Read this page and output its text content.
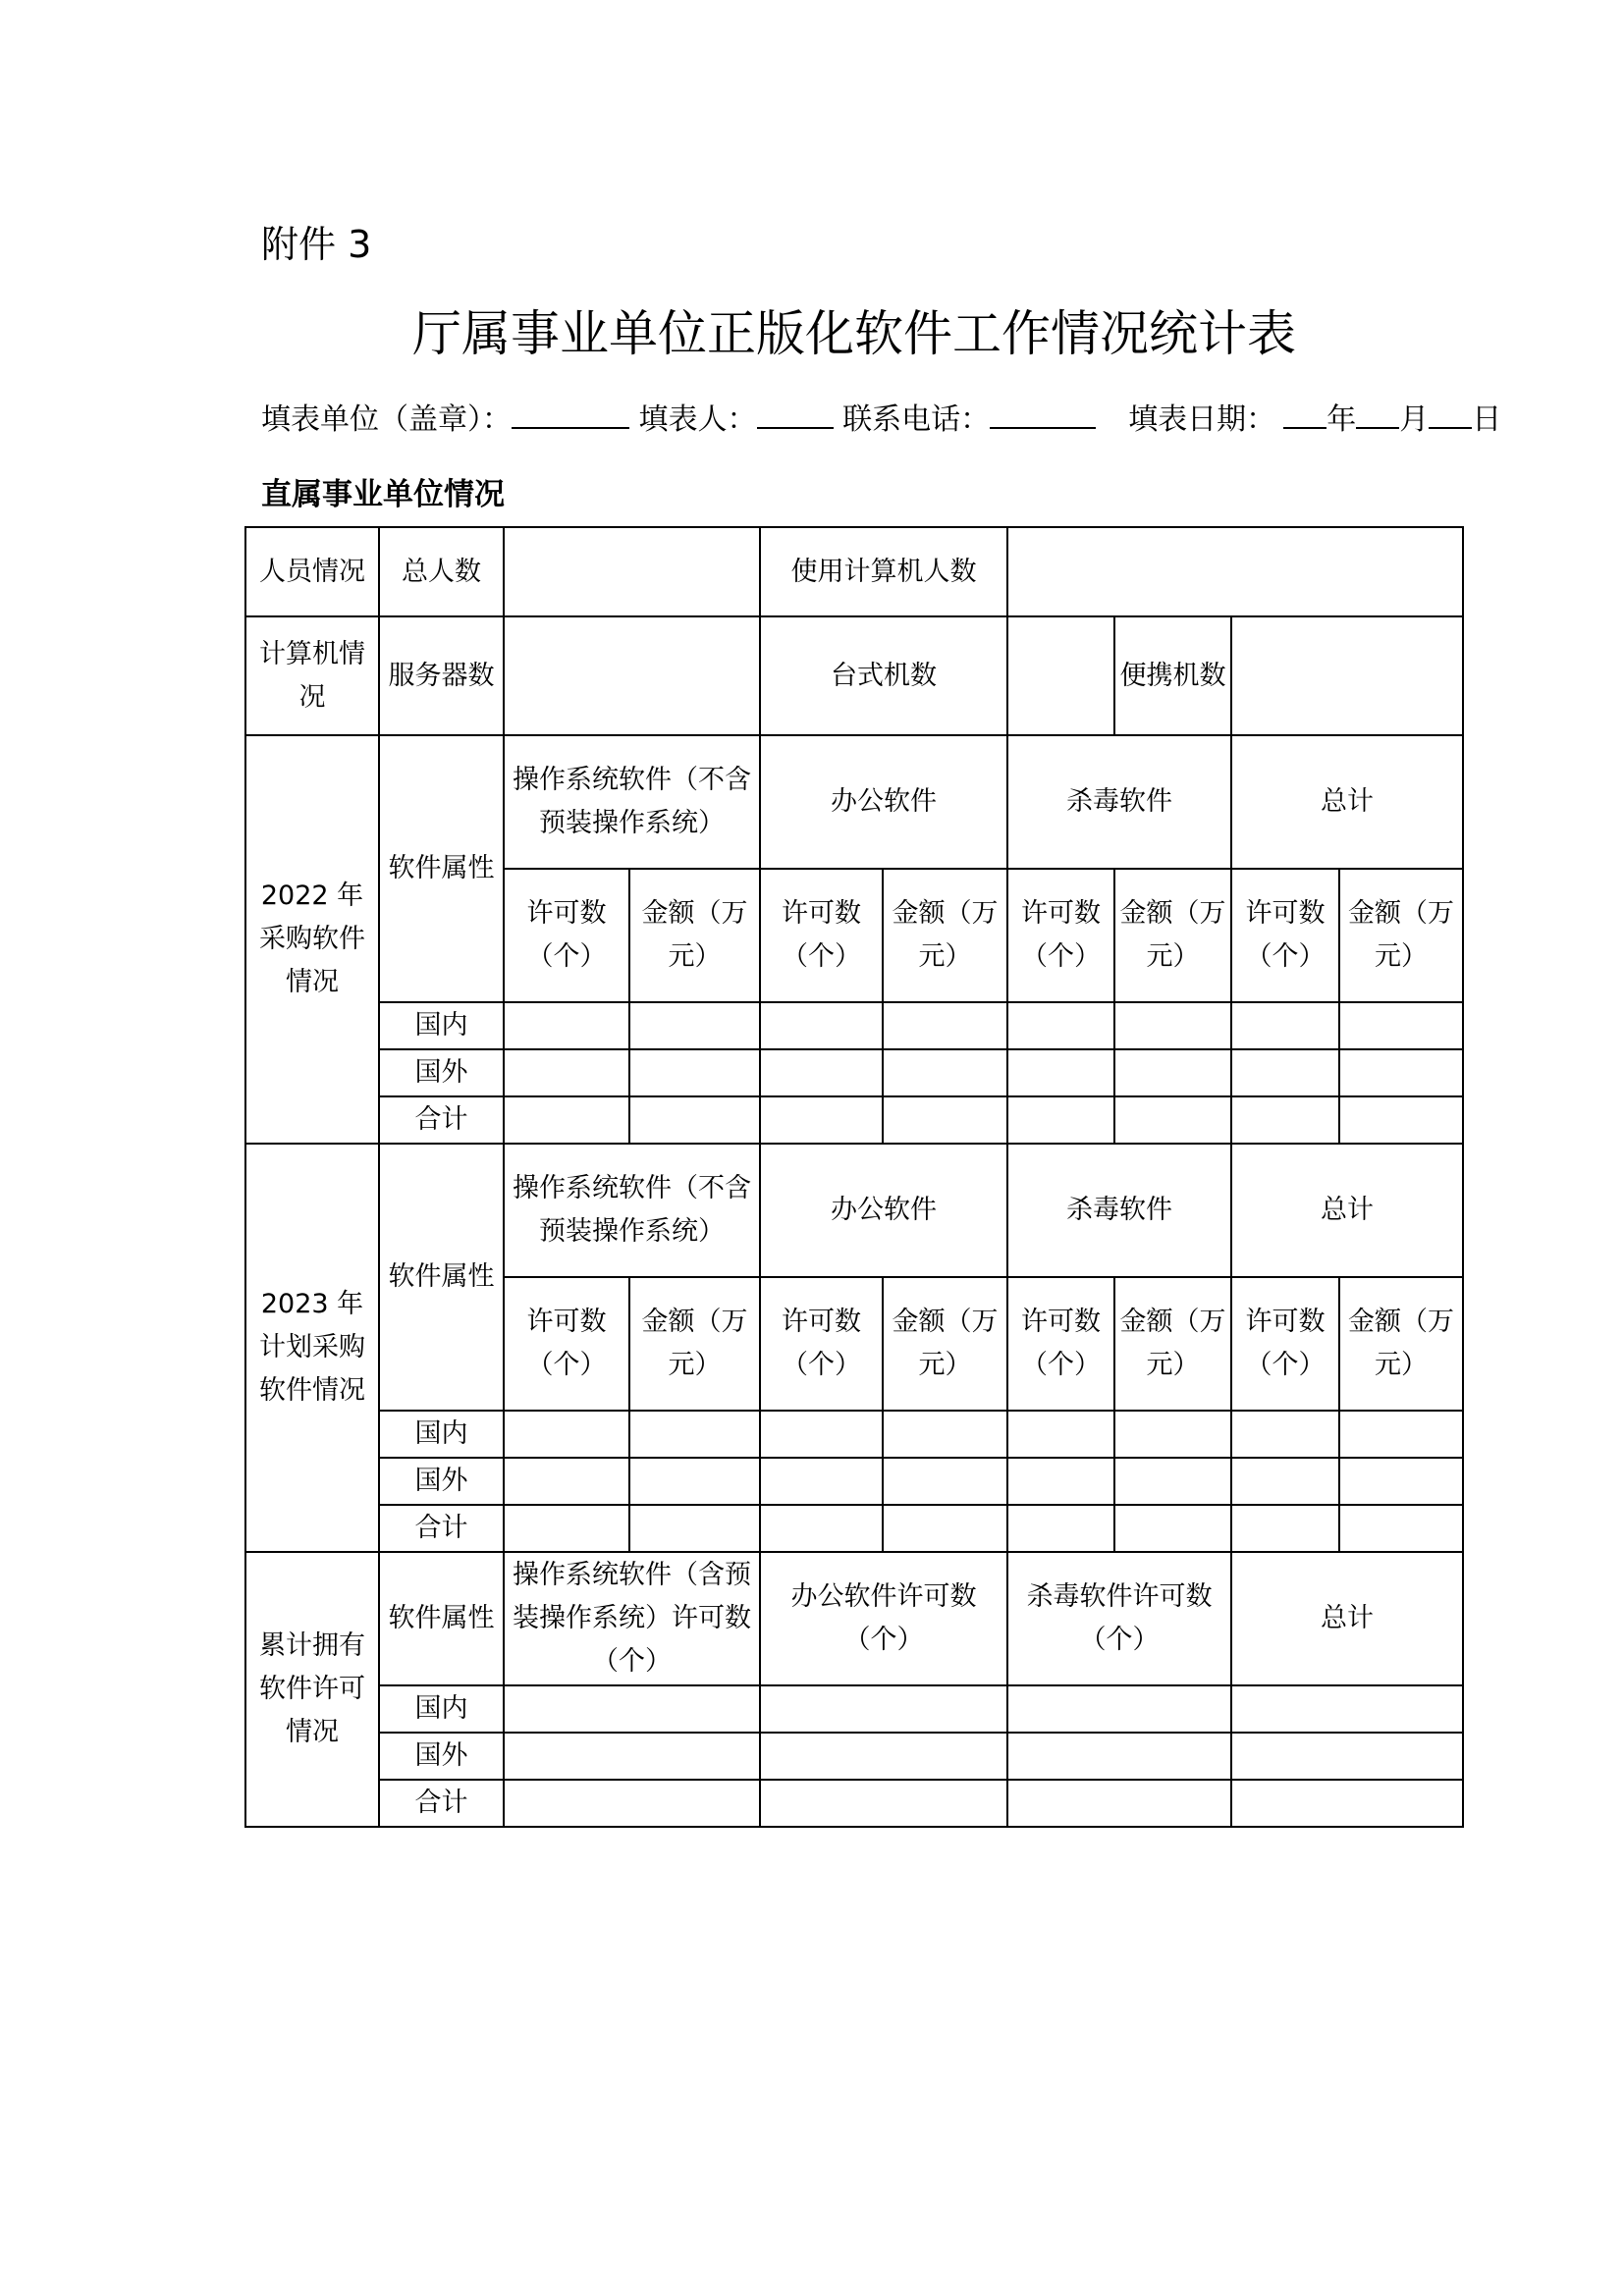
附件 3
厅属事业单位正版化软件工作情况统计表
填表单位（盖章）：	填表人：	联系电话：	填表日期： 年 月 日
直属事业单位情况
人员情况	总人数			使用计算机人数					
计算机情况	服务器数			台式机数			便携机数		
2022 年采购软件情况	软件属性	操作系统软件（不含预装操作系统）		办公软件		杀毒软件		总计	
		许可数（个）	金额（万元）	许可数（个）	金额（万元）	许可数（个）	金额（万元）	许可数（个）	金额（万元）
	国内								
	国外								
	合计								
2023 年计划采购软件情况	软件属性	操作系统软件（不含预装操作系统）		办公软件		杀毒软件		总计	
		许可数（个）	金额（万元）	许可数（个）	金额（万元）	许可数（个）	金额（万元）	许可数（个）	金额（万元）
	国内								
	国外								
	合计								
累计拥有软件许可情况	软件属性	操作系统软件（含预装操作系统）许可数（个）		办公软件许可数（个）		杀毒软件许可数（个）		总计	
	国内								
	国外								
	合计								
